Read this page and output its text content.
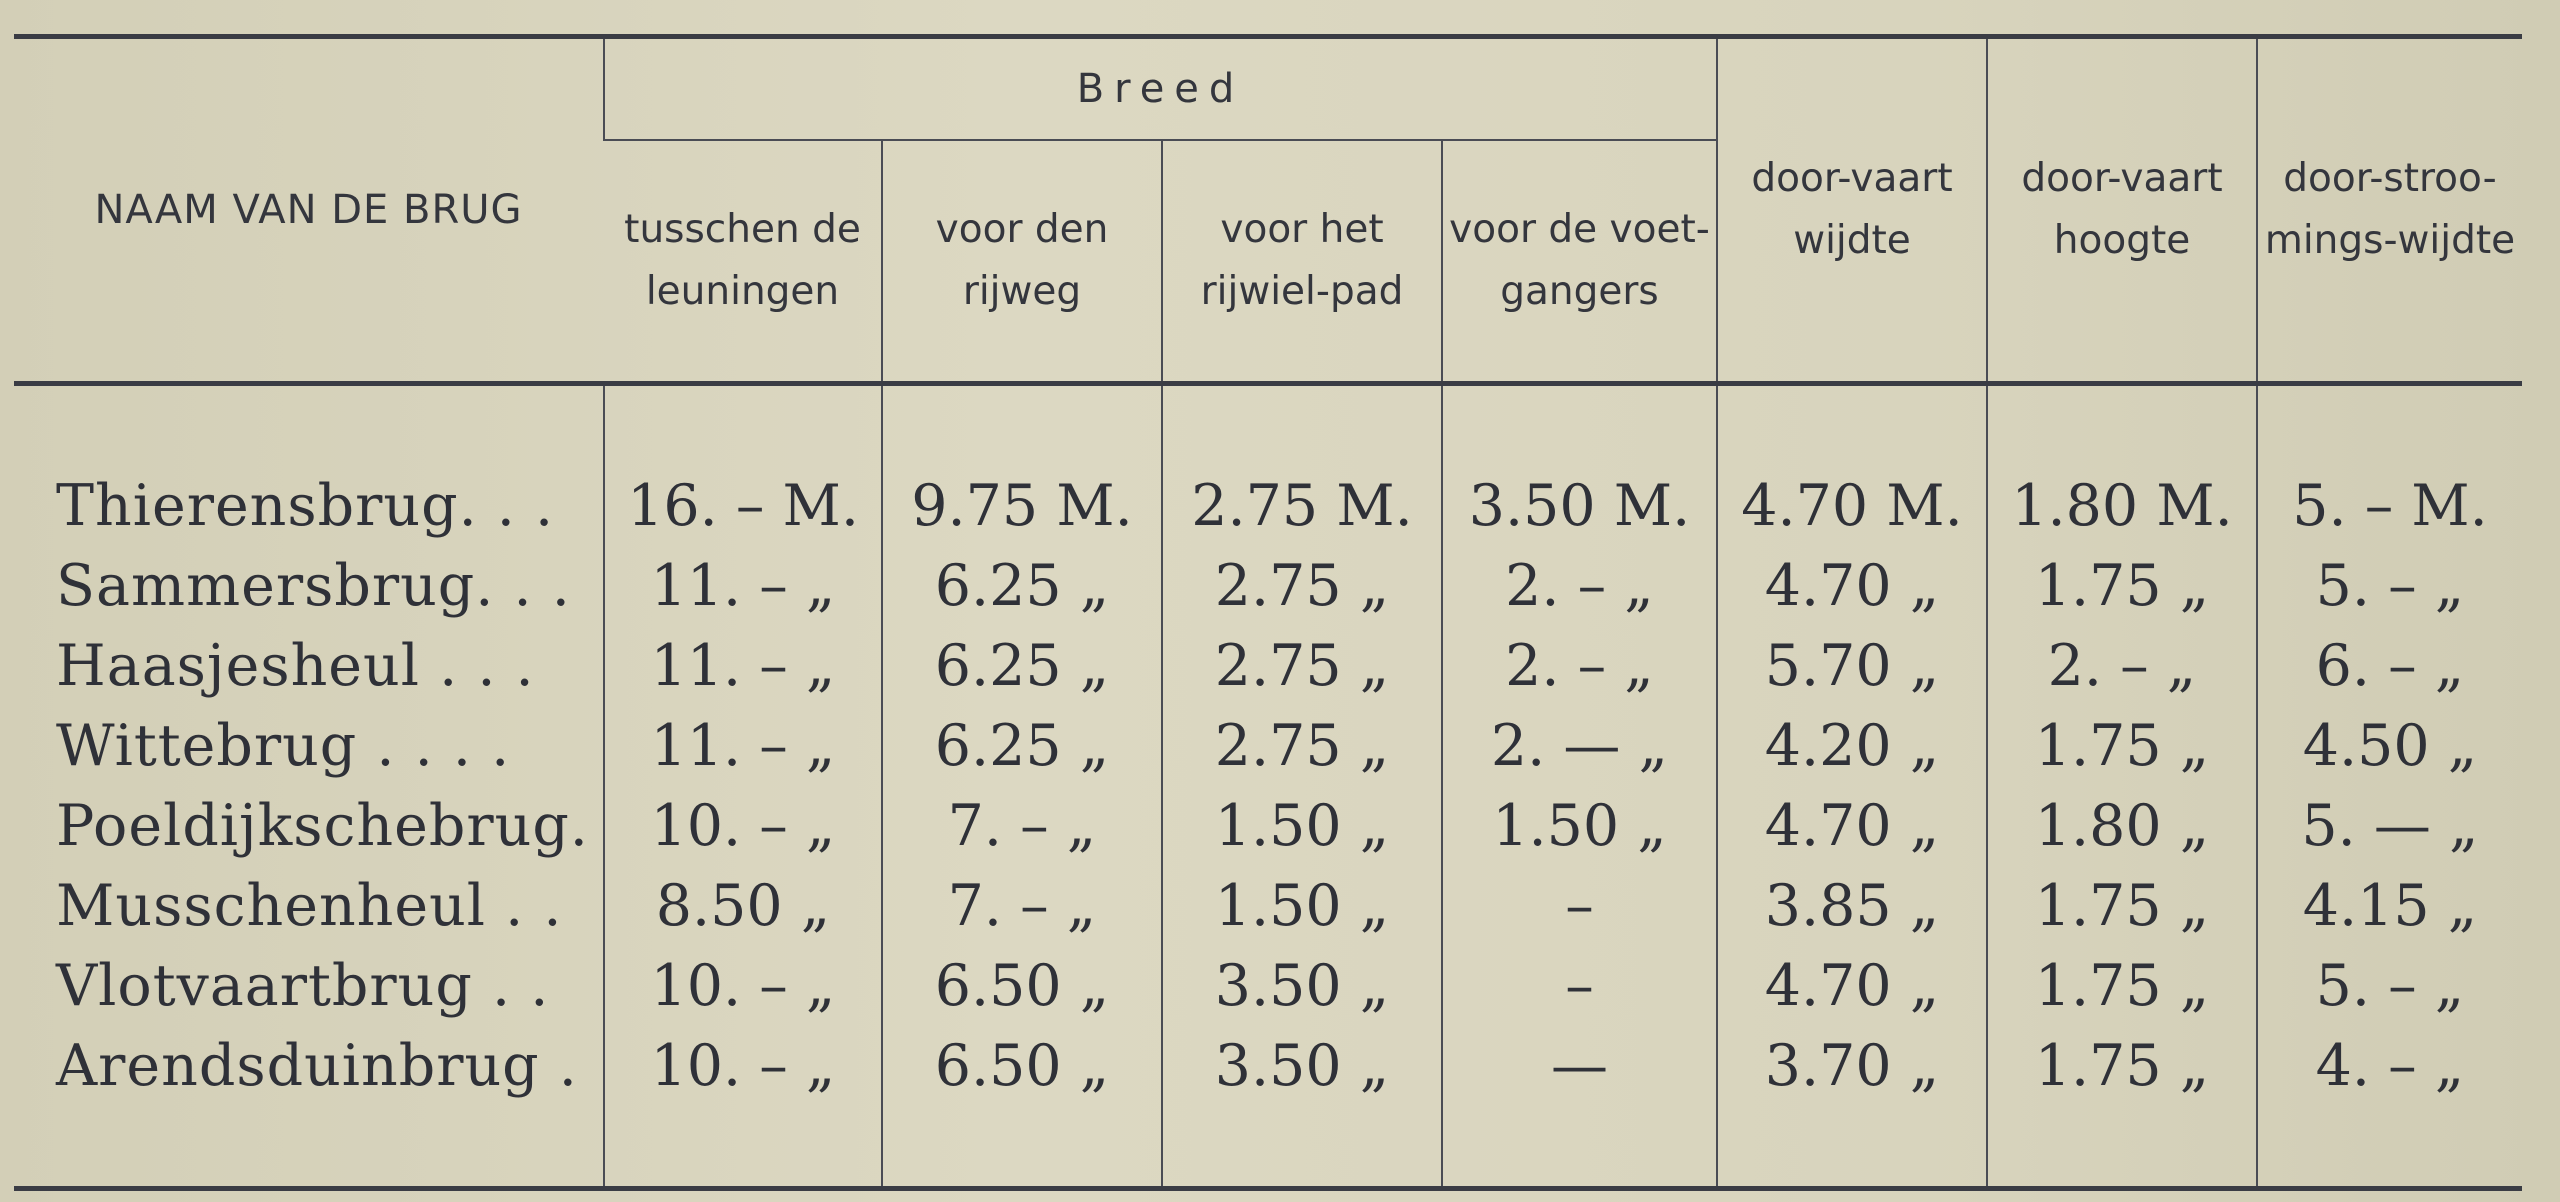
NAAM VAN DE BRUG	Breed				door-vaart wijdte	door-vaart hoogte	door-stroo-mings-wijdte
	tusschen de leuningen	voor den rijweg	voor het rijwiel-pad	voor de voet-gangers			

Thierensbrug. . .	16. – M.	9.75 M.	2.75 M.	3.50 M.	4.70 M.	1.80 M.	5. – M.
Sammersbrug. . .	11. – „	6.25 „	2.75 „	2. – „	4.70 „	1.75 „	5. – „
Haasjesheul . . .	11. – „	6.25 „	2.75 „	2. – „	5.70 „	2. – „	6. – „
Wittebrug . . . .	11. – „	6.25 „	2.75 „	2. — „	4.20 „	1.75 „	4.50 „
Poeldijkschebrug.	10. – „	7. – „	1.50 „	1.50 „	4.70 „	1.80 „	5. — „
Musschenheul . .	8.50 „	7. – „	1.50 „	–	3.85 „	1.75 „	4.15 „
Vlotvaartbrug . .	10. – „	6.50 „	3.50 „	–	4.70 „	1.75 „	5. – „
Arendsduinbrug .	10. – „	6.50 „	3.50 „	—	3.70 „	1.75 „	4. – „
